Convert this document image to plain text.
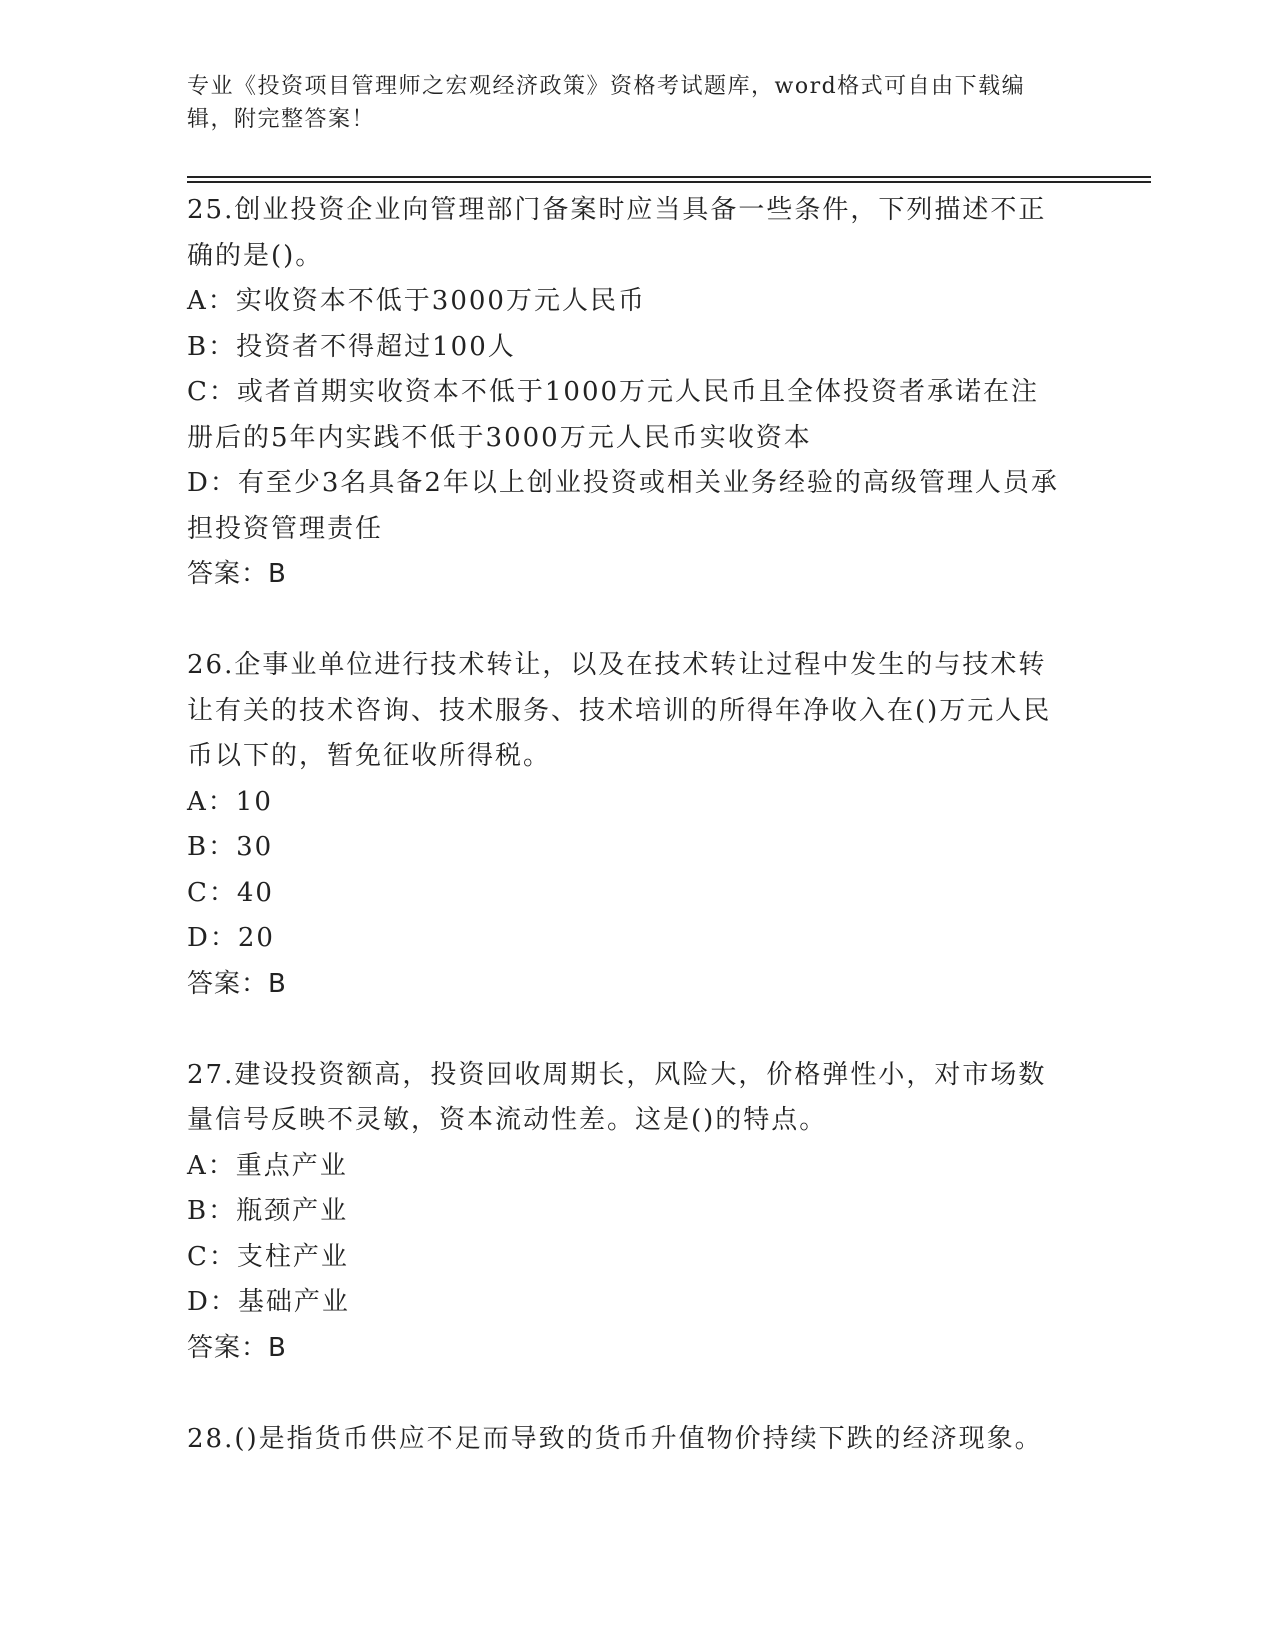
专业《投资项目管理师之宏观经济政策》资格考试题库，word格式可自由下载编辑，附完整答案！

25.创业投资企业向管理部门备案时应当具备一些条件，下列描述不正确的是()。

A：实收资本不低于3000万元人民币

B：投资者不得超过100人

C：或者首期实收资本不低于1000万元人民币且全体投资者承诺在注册后的5年内实践不低于3000万元人民币实收资本

D：有至少3名具备2年以上创业投资或相关业务经验的高级管理人员承担投资管理责任

答案：B

26.企事业单位进行技术转让，以及在技术转让过程中发生的与技术转让有关的技术咨询、技术服务、技术培训的所得年净收入在()万元人民币以下的，暂免征收所得税。

A：10

B：30

C：40

D：20

答案：B

27.建设投资额高，投资回收周期长，风险大，价格弹性小，对市场数量信号反映不灵敏，资本流动性差。这是()的特点。

A：重点产业

B：瓶颈产业

C：支柱产业

D：基础产业

答案：B

28.()是指货币供应不足而导致的货币升值物价持续下跌的经济现象。
